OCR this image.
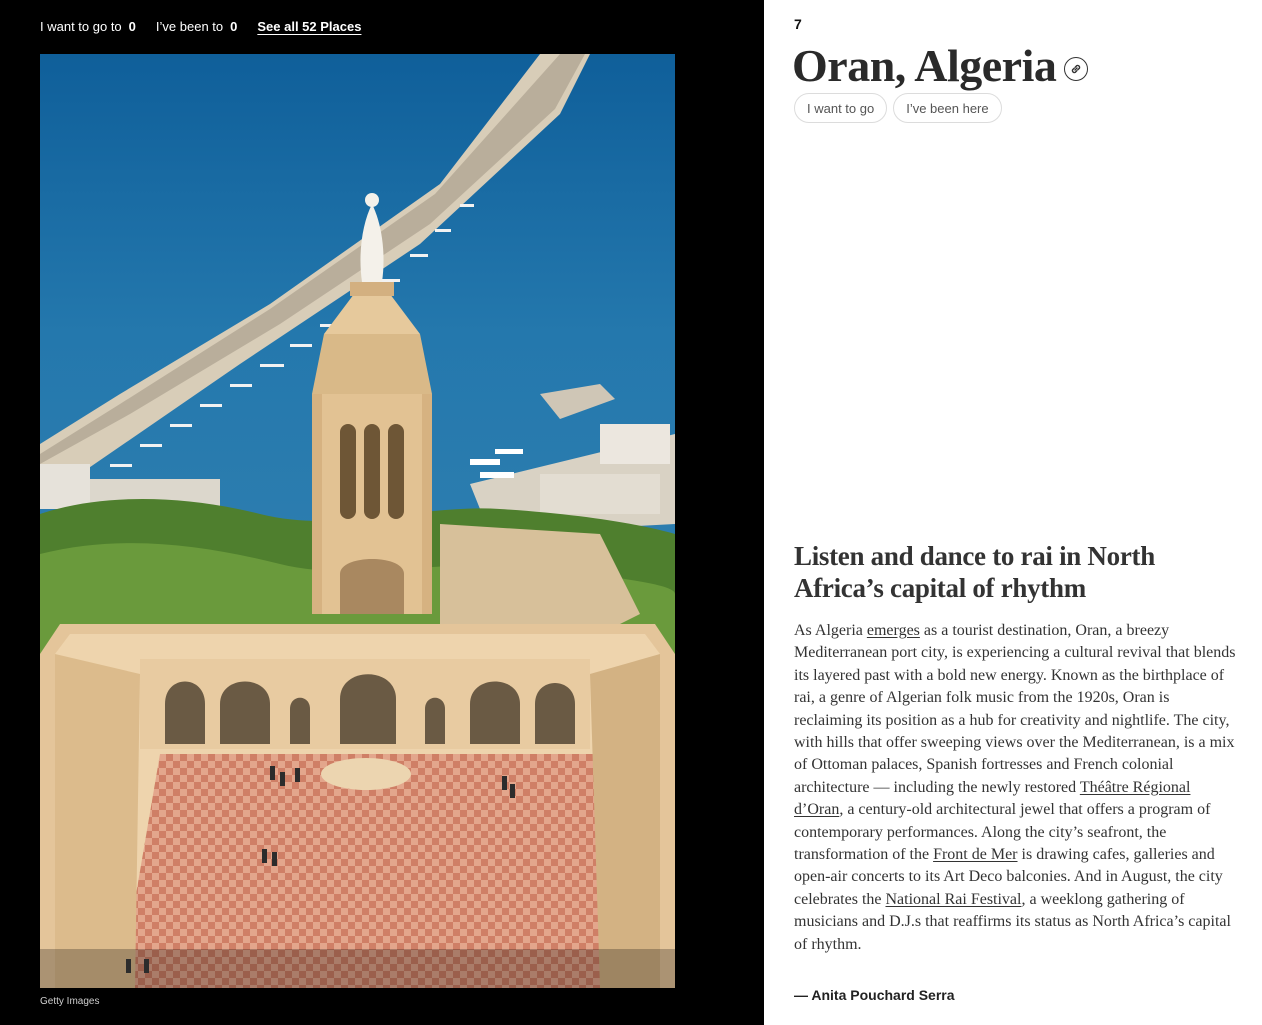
I want to go to 0 I’ve been to 0 See all 52 Places
Getty Images
7
Oran, Algeria
I want to go	I’ve been here
Listen and dance to rai in North Africa’s capital of rhythm

As Algeria emerges as a tourist destination, Oran, a breezy Mediterranean port city, is experiencing a cultural revival that blends its layered past with a bold new energy. Known as the birthplace of rai, a genre of Algerian folk music from the 1920s, Oran is reclaiming its position as a hub for creativity and nightlife. The city, with hills that offer sweeping views over the Mediterranean, is a mix of Ottoman palaces, Spanish fortresses and French colonial architecture — including the newly restored Théâtre Régional d’Oran, a century-old architectural jewel that offers a program of contemporary performances. Along the city’s seafront, the transformation of the Front de Mer is drawing cafes, galleries and open-air concerts to its Art Deco balconies. And in August, the city celebrates the National Rai Festival, a weeklong gathering of musicians and D.J.s that reaffirms its status as North Africa’s capital of rhythm.

— Anita Pouchard Serra
